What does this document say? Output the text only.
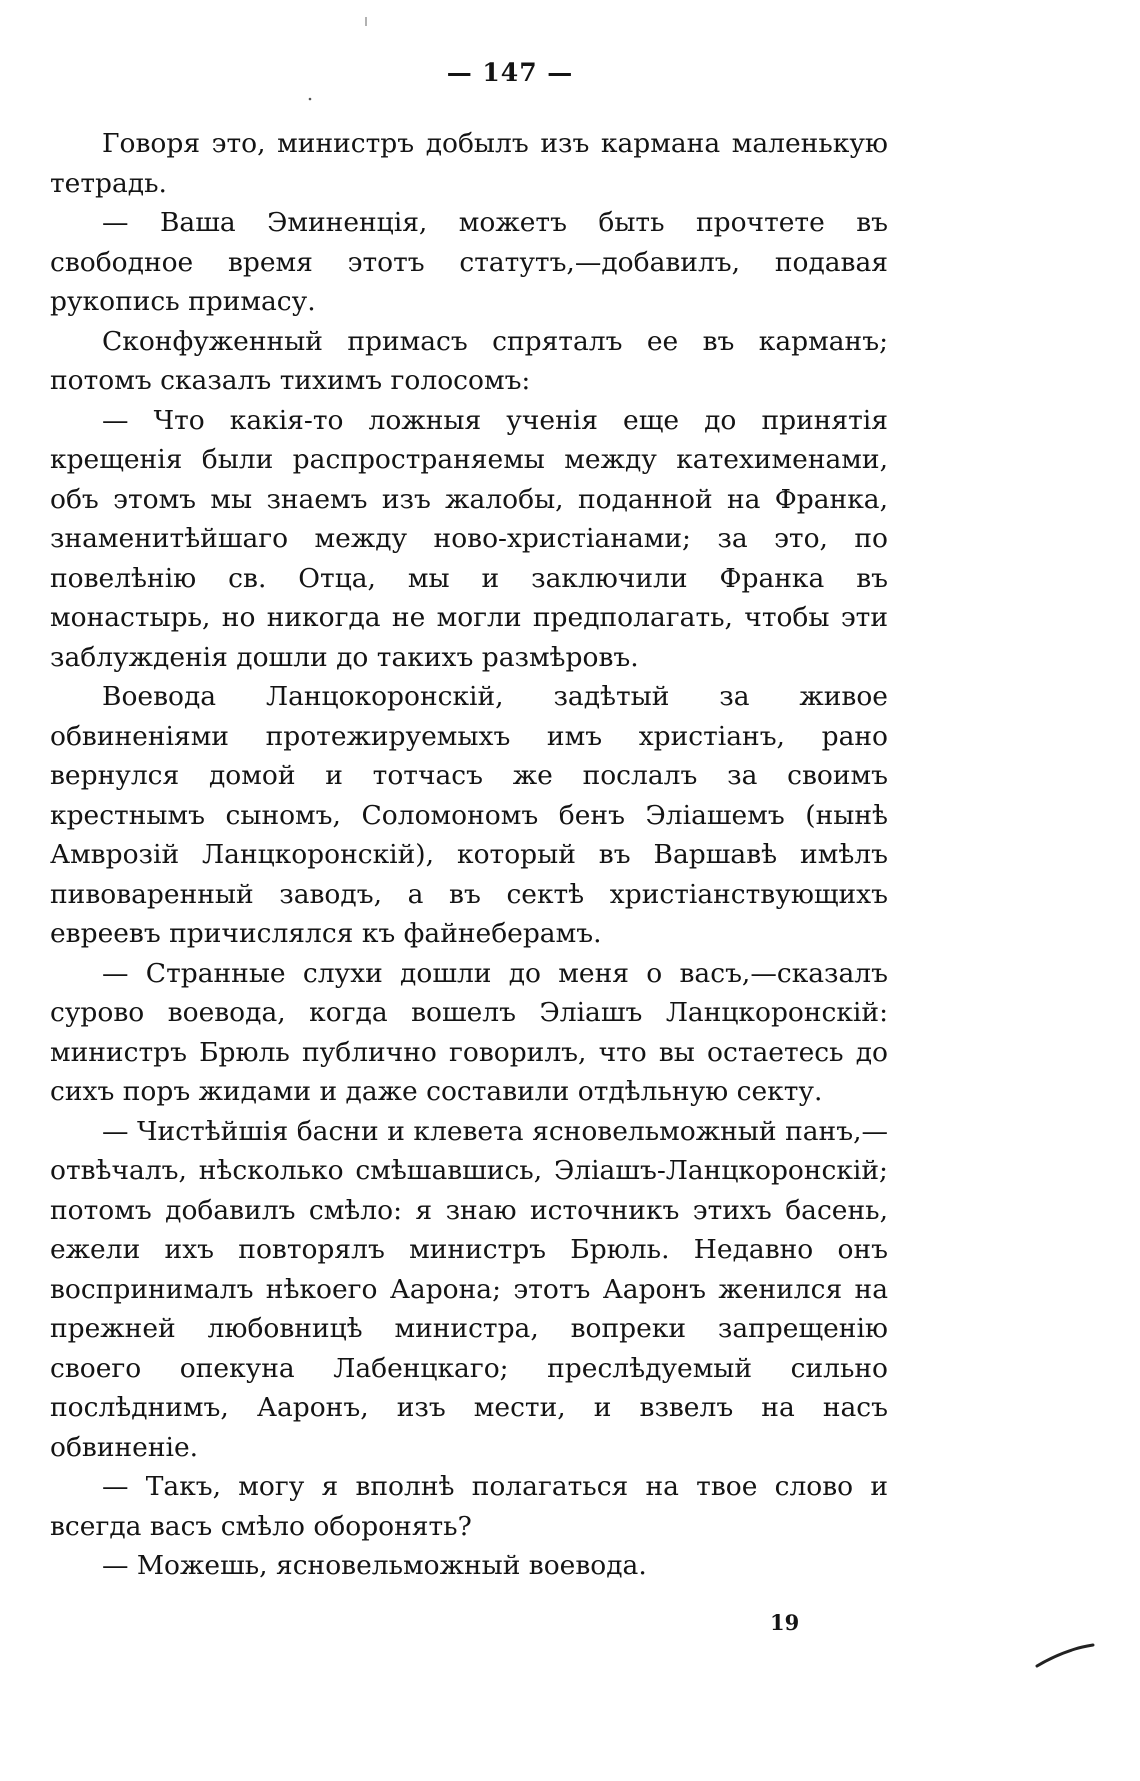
— 147 —

Говоря это, министръ добылъ изъ кармана маленькую тетрадь.

— Ваша Эминенція, можетъ быть прочтете въ свободное время этотъ статутъ,—добавилъ, подавая рукопись примасу.

Сконфуженный примасъ спряталъ ее въ карманъ; потомъ сказалъ тихимъ голосомъ:

— Что какія-то ложныя ученія еще до принятія крещенія были распространяемы между катехименами, объ этомъ мы знаемъ изъ жалобы, поданной на Франка, знаменитѣйшаго между ново-христіанами; за это, по повелѣнію св. Отца, мы и заключили Франка въ монастырь, но никогда не могли предполагать, чтобы эти заблужденія дошли до такихъ размѣровъ.

Воевода Ланцокоронскій, задѣтый за живое обвиненіями протежируемыхъ имъ христіанъ, рано вернулся домой и тотчасъ же послалъ за своимъ крестнымъ сыномъ, Соломономъ бенъ Эліашемъ (нынѣ Амврозій Ланцкоронскій), который въ Варшавѣ имѣлъ пивоваренный заводъ, а въ сектѣ христіанствующихъ евреевъ причислялся къ файнеберамъ.

— Странные слухи дошли до меня о васъ,—сказалъ сурово воевода, когда вошелъ Эліашъ Ланцкоронскій: министръ Брюль публично говорилъ, что вы остаетесь до сихъ поръ жидами и даже составили отдѣльную секту.

— Чистѣйшія басни и клевета ясновельможный панъ,—отвѣчалъ, нѣсколько смѣшавшись, Эліашъ-Ланцкоронскій; потомъ добавилъ смѣло: я знаю источникъ этихъ басень, ежели ихъ повторялъ министръ Брюль. Недавно онъ воспринималъ нѣкоего Аарона; этотъ Ааронъ женился на прежней любовницѣ министра, вопреки запрещенію своего опекуна Лабенцкаго; преслѣдуемый сильно послѣднимъ, Ааронъ, изъ мести, и взвелъ на насъ обвиненіе.

— Такъ, могу я вполнѣ полагаться на твое слово и всегда васъ смѣло оборонять?

— Можешь, ясновельможный воевода.

19
